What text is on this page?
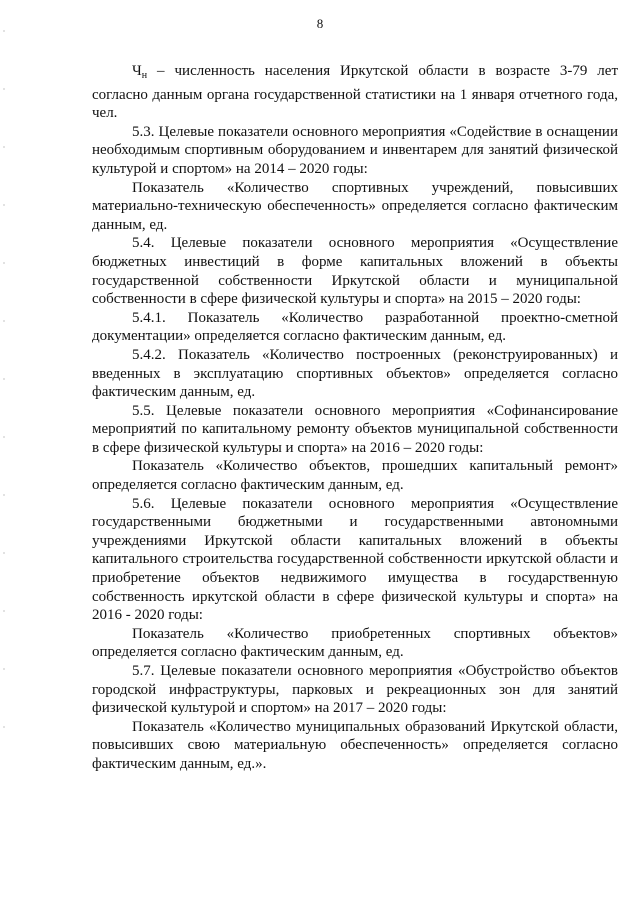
8

$Ч_н$ – численность населения Иркутской области в возрасте 3-79 лет согласно данным органа государственной статистики на 1 января отчетного года, чел.

5.3. Целевые показатели основного мероприятия «Содействие в оснащении необходимым спортивным оборудованием и инвентарем для занятий физической культурой и спортом» на 2014 – 2020 годы:

Показатель «Количество спортивных учреждений, повысивших материально-техническую обеспеченность» определяется согласно фактическим данным, ед.

5.4. Целевые показатели основного мероприятия «Осуществление бюджетных инвестиций в форме капитальных вложений в объекты государственной собственности Иркутской области и муниципальной собственности в сфере физической культуры и спорта» на 2015 – 2020 годы:

5.4.1. Показатель «Количество разработанной проектно-сметной документации» определяется согласно фактическим данным, ед.

5.4.2. Показатель «Количество построенных (реконструированных) и введенных в эксплуатацию спортивных объектов» определяется согласно фактическим данным, ед.

5.5. Целевые показатели основного мероприятия «Софинансирование мероприятий по капитальному ремонту объектов муниципальной собственности в сфере физической культуры и спорта» на 2016 – 2020 годы:

Показатель «Количество объектов, прошедших капитальный ремонт» определяется согласно фактическим данным, ед.

5.6. Целевые показатели основного мероприятия «Осуществление государственными бюджетными и государственными автономными учреждениями Иркутской области капитальных вложений в объекты капитального строительства государственной собственности иркутской области и приобретение объектов недвижимого имущества в государственную собственность иркутской области в сфере физической культуры и спорта» на 2016 - 2020 годы:

Показатель «Количество приобретенных спортивных объектов» определяется согласно фактическим данным, ед.

5.7. Целевые показатели основного мероприятия «Обустройство объектов городской инфраструктуры, парковых и рекреационных зон для занятий физической культурой и спортом» на 2017 – 2020 годы:

Показатель «Количество муниципальных образований Иркутской области, повысивших свою материальную обеспеченность» определяется согласно фактическим данным, ед.».
